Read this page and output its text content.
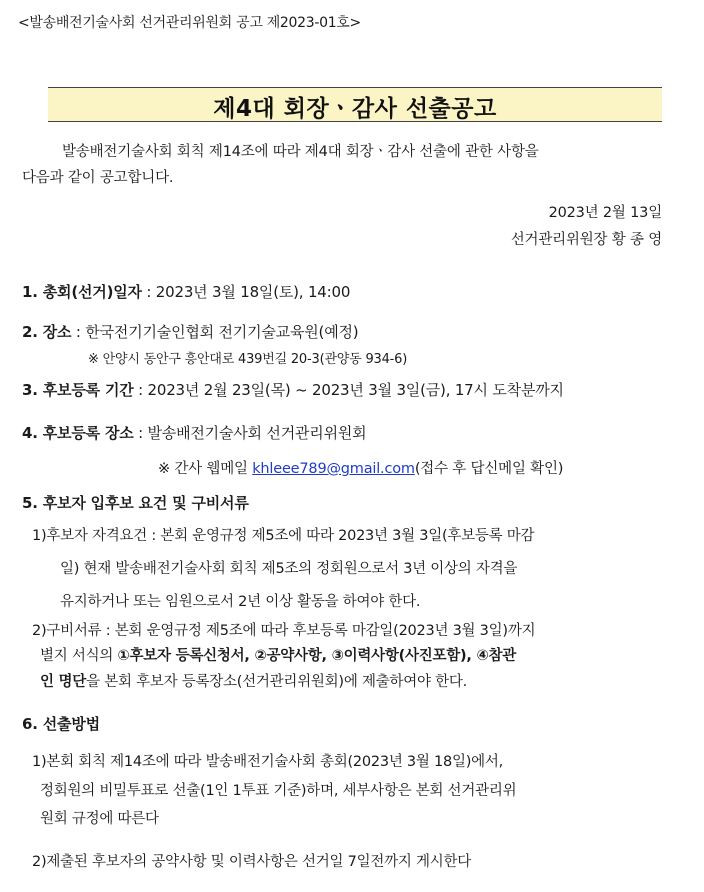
<발송배전기술사회 선거관리위원회 공고 제2023-01호>
제4대 회장ㆍ감사 선출공고
발송배전기술사회 회칙 제14조에 따라 제4대 회장ㆍ감사 선출에 관한 사항을
다음과 같이 공고합니다.
2023년 2월 13일
선거관리위원장 황 종 영
1. 총회(선거)일자 : 2023년 3월 18일(토), 14:00
2. 장소 : 한국전기기술인협회 전기기술교육원(예정)
※ 안양시 동안구 흥안대로 439번길 20-3(관양동 934-6)
3. 후보등록 기간 : 2023년 2월 23일(목) ~ 2023년 3월 3일(금), 17시 도착분까지
4. 후보등록 장소 : 발송배전기술사회 선거관리위원회
※ 간사 웹메일 khleee789@gmail.com(접수 후 답신메일 확인)
5. 후보자 입후보 요건 및 구비서류
1)후보자 자격요건 : 본회 운영규정 제5조에 따라 2023년 3월 3일(후보등록 마감
일) 현재 발송배전기술사회 회칙 제5조의 정회원으로서 3년 이상의 자격을
유지하거나 또는 임원으로서 2년 이상 활동을 하여야 한다.
2)구비서류 : 본회 운영규정 제5조에 따라 후보등록 마감일(2023년 3월 3일)까지
별지 서식의 ①후보자 등록신청서, ②공약사항, ③이력사항(사진포함), ④참관
인 명단을 본회 후보자 등록장소(선거관리위원회)에 제출하여야 한다.
6. 선출방법
1)본회 회칙 제14조에 따라 발송배전기술사회 총회(2023년 3월 18일)에서,
정회원의 비밀투표로 선출(1인 1투표 기준)하며, 세부사항은 본회 선거관리위
원회 규정에 따른다
2)제출된 후보자의 공약사항 및 이력사항은 선거일 7일전까지 게시한다
